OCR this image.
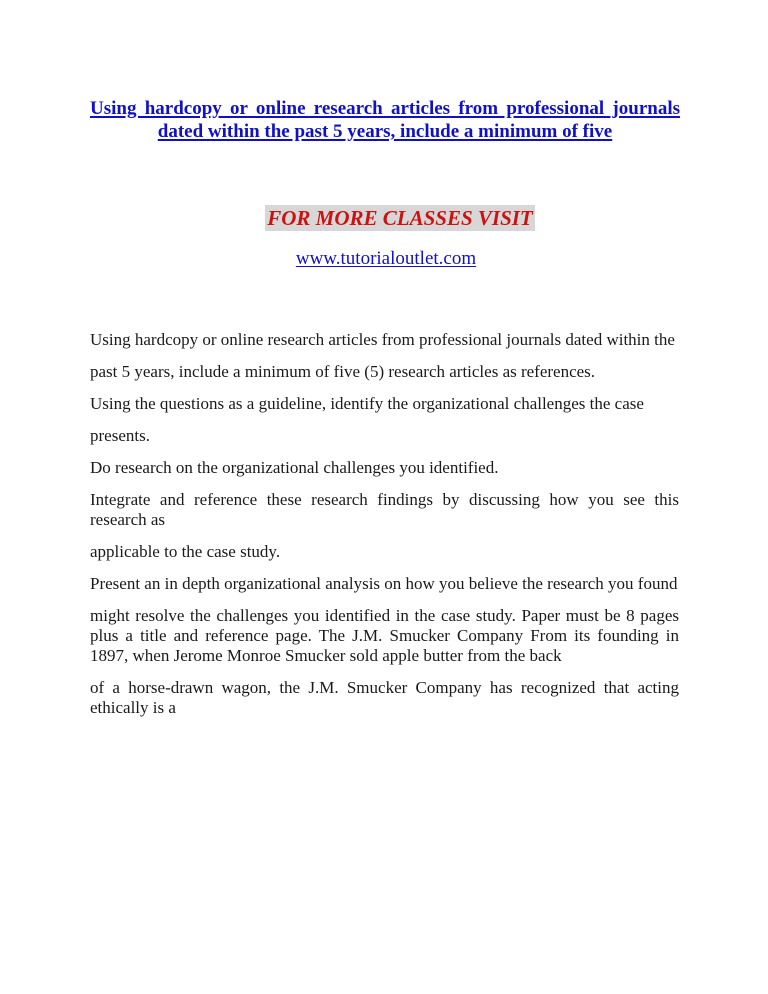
Using hardcopy or online research articles from professional journals dated within the past 5 years, include a minimum of five
FOR MORE CLASSES VISIT
www.tutorialoutlet.com

Using hardcopy or online research articles from professional journals dated within the

past 5 years, include a minimum of five (5) research articles as references.

Using the questions as a guideline, identify the organizational challenges the case

presents.

Do research on the organizational challenges you identified.

Integrate and reference these research findings by discussing how you see this research as

applicable to the case study.

Present an in depth organizational analysis on how you believe the research you found

might resolve the challenges you identified in the case study. Paper must be 8 pages plus a title and reference page. The J.M. Smucker Company From its founding in 1897, when Jerome Monroe Smucker sold apple butter from the back

of a horse-drawn wagon, the J.M. Smucker Company has recognized that acting ethically is a
